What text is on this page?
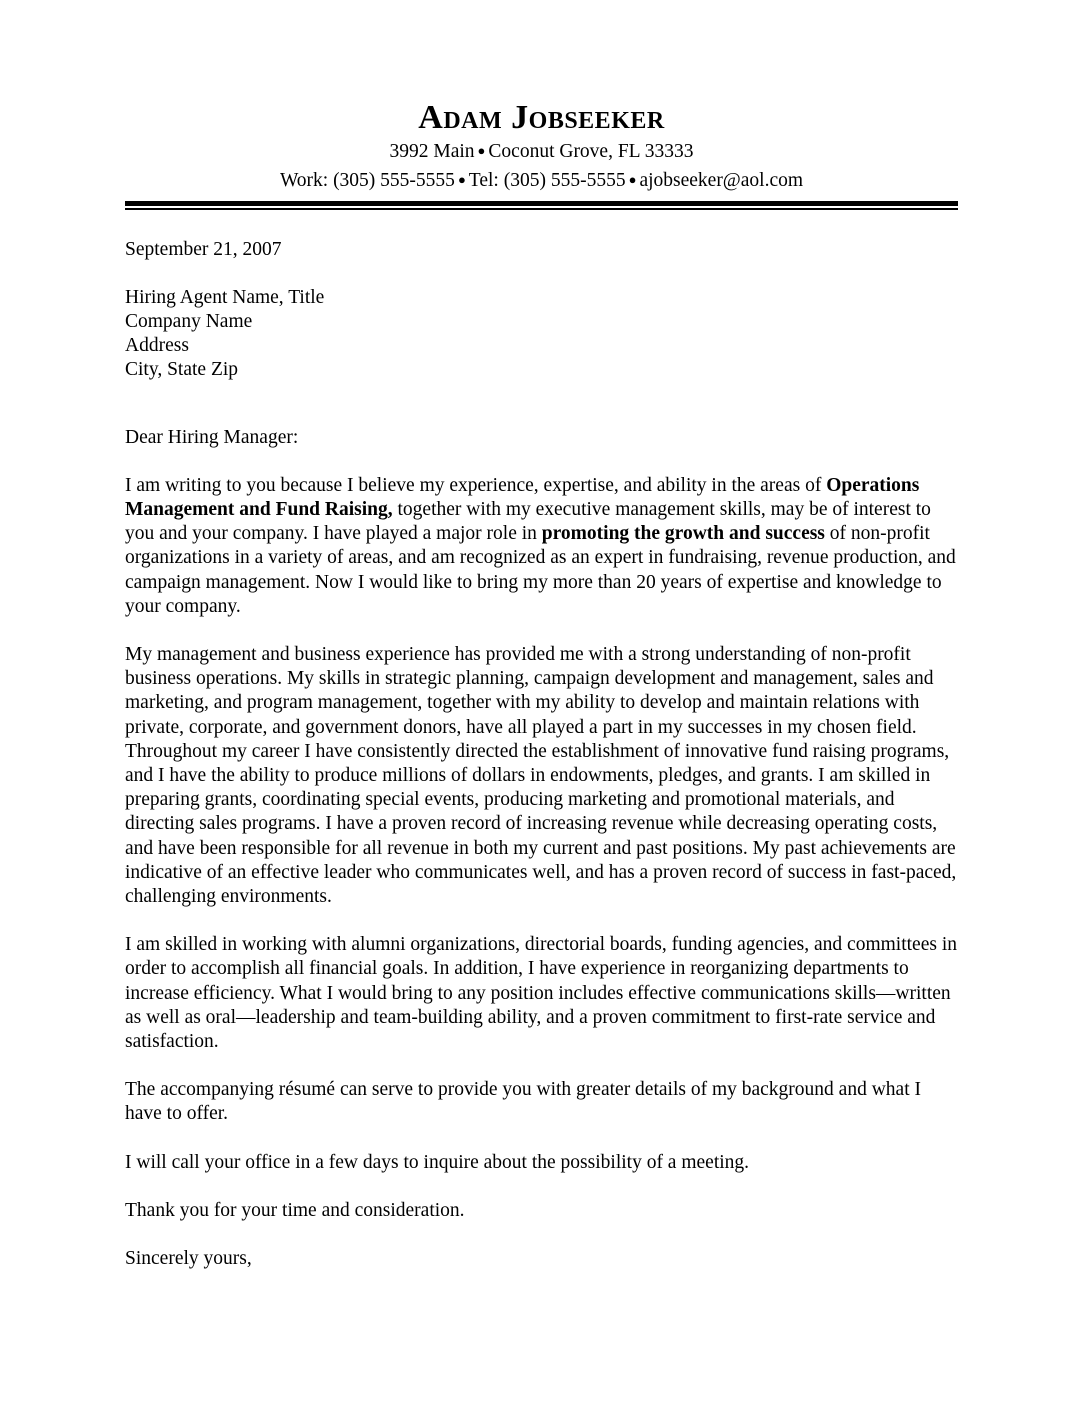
Adam Jobseeker
3992 Main ● Coconut Grove, FL 33333
Work: (305) 555-5555 ● Tel: (305) 555-5555 ● ajobseeker@aol.com
September 21, 2007
Hiring Agent Name, Title
Company Name
Address
City, State Zip
Dear Hiring Manager:

I am writing to you because I believe my experience, expertise, and ability in the areas of Operations Management and Fund Raising, together with my executive management skills, may be of interest to you and your company. I have played a major role in promoting the growth and success of non-profit organizations in a variety of areas, and am recognized as an expert in fundraising, revenue production, and campaign management. Now I would like to bring my more than 20 years of expertise and knowledge to your company.

My management and business experience has provided me with a strong understanding of non-profit business operations. My skills in strategic planning, campaign development and management, sales and marketing, and program management, together with my ability to develop and maintain relations with private, corporate, and government donors, have all played a part in my successes in my chosen field. Throughout my career I have consistently directed the establishment of innovative fund raising programs, and I have the ability to produce millions of dollars in endowments, pledges, and grants. I am skilled in preparing grants, coordinating special events, producing marketing and promotional materials, and directing sales programs. I have a proven record of increasing revenue while decreasing operating costs, and have been responsible for all revenue in both my current and past positions. My past achievements are indicative of an effective leader who communicates well, and has a proven record of success in fast-paced, challenging environments.

I am skilled in working with alumni organizations, directorial boards, funding agencies, and committees in order to accomplish all financial goals. In addition, I have experience in reorganizing departments to increase efficiency. What I would bring to any position includes effective communications skills—written as well as oral—leadership and team-building ability, and a proven commitment to first-rate service and satisfaction.

The accompanying résumé can serve to provide you with greater details of my background and what I have to offer.

I will call your office in a few days to inquire about the possibility of a meeting.

Thank you for your time and consideration.

Sincerely yours,
